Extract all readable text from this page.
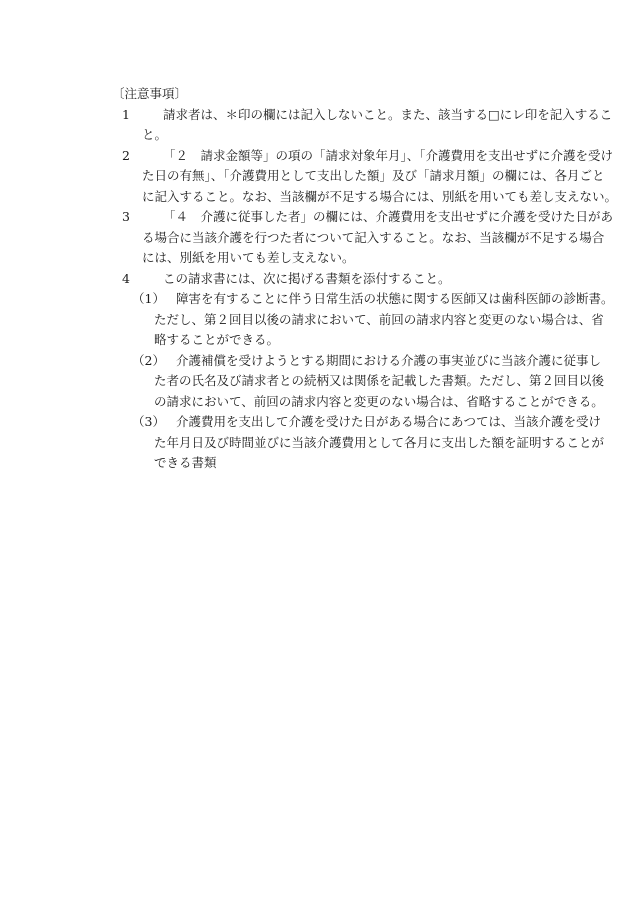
〔注意事項〕
1	請求者は、＊印の欄には記入しないこと。また、該当する□にレ印を記入するこ
と。
2	「２　請求金額等」の項の「請求対象年月」、「介護費用を支出せずに介護を受け
た日の有無」、「介護費用として支出した額」及び「請求月額」の欄には、各月ごと
に記入すること。なお、当該欄が不足する場合には、別紙を用いても差し支えない。
3	「４　介護に従事した者」の欄には、介護費用を支出せずに介護を受けた日があ
る場合に当該介護を行つた者について記入すること。なお、当該欄が不足する場合
には、別紙を用いても差し支えない。
4	この請求書には、次に掲げる書類を添付すること。
（1） 障害を有することに伴う日常生活の状態に関する医師又は歯科医師の診断書。
ただし、第２回目以後の請求において、前回の請求内容と変更のない場合は、省
略することができる。
（2） 介護補償を受けようとする期間における介護の事実並びに当該介護に従事し
た者の氏名及び請求者との続柄又は関係を記載した書類。ただし、第２回目以後
の請求において、前回の請求内容と変更のない場合は、省略することができる。
（3） 介護費用を支出して介護を受けた日がある場合にあつては、当該介護を受け
た年月日及び時間並びに当該介護費用として各月に支出した額を証明することが
できる書類
